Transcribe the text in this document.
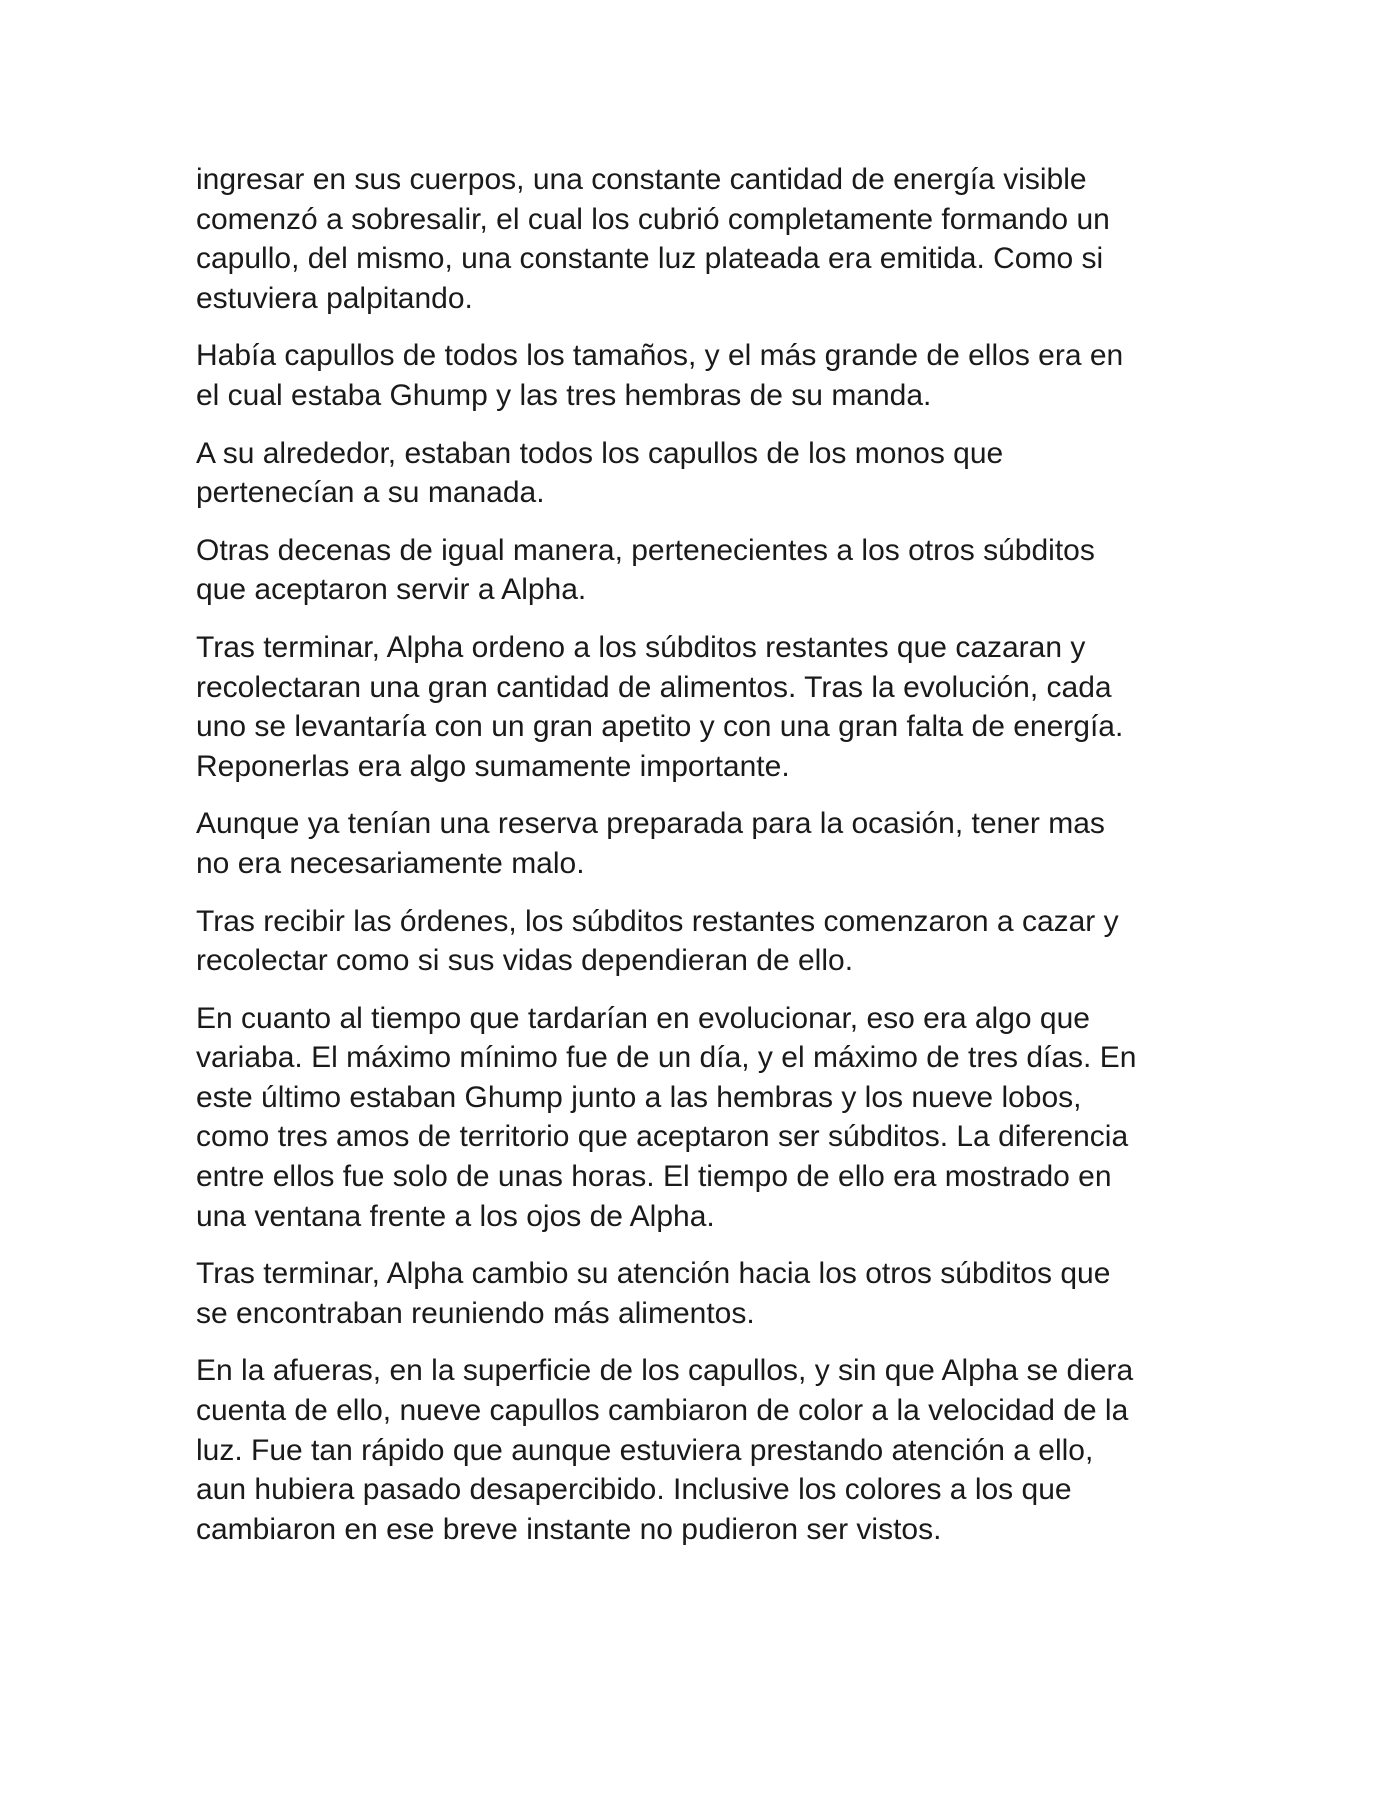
ingresar en sus cuerpos, una constante cantidad de energía visible
comenzó a sobresalir, el cual los cubrió completamente formando un
capullo, del mismo, una constante luz plateada era emitida. Como si
estuviera palpitando.

Había capullos de todos los tamaños, y el más grande de ellos era en
el cual estaba Ghump y las tres hembras de su manda.

A su alrededor, estaban todos los capullos de los monos que
pertenecían a su manada.

Otras decenas de igual manera, pertenecientes a los otros súbditos
que aceptaron servir a Alpha.

Tras terminar, Alpha ordeno a los súbditos restantes que cazaran y
recolectaran una gran cantidad de alimentos. Tras la evolución, cada
uno se levantaría con un gran apetito y con una gran falta de energía.
Reponerlas era algo sumamente importante.

Aunque ya tenían una reserva preparada para la ocasión, tener mas
no era necesariamente malo.

Tras recibir las órdenes, los súbditos restantes comenzaron a cazar y
recolectar como si sus vidas dependieran de ello.

En cuanto al tiempo que tardarían en evolucionar, eso era algo que
variaba. El máximo mínimo fue de un día, y el máximo de tres días. En
este último estaban Ghump junto a las hembras y los nueve lobos,
como tres amos de territorio que aceptaron ser súbditos. La diferencia
entre ellos fue solo de unas horas. El tiempo de ello era mostrado en
una ventana frente a los ojos de Alpha.

Tras terminar, Alpha cambio su atención hacia los otros súbditos que
se encontraban reuniendo más alimentos.

En la afueras, en la superficie de los capullos, y sin que Alpha se diera
cuenta de ello, nueve capullos cambiaron de color a la velocidad de la
luz. Fue tan rápido que aunque estuviera prestando atención a ello,
aun hubiera pasado desapercibido. Inclusive los colores a los que
cambiaron en ese breve instante no pudieron ser vistos.
